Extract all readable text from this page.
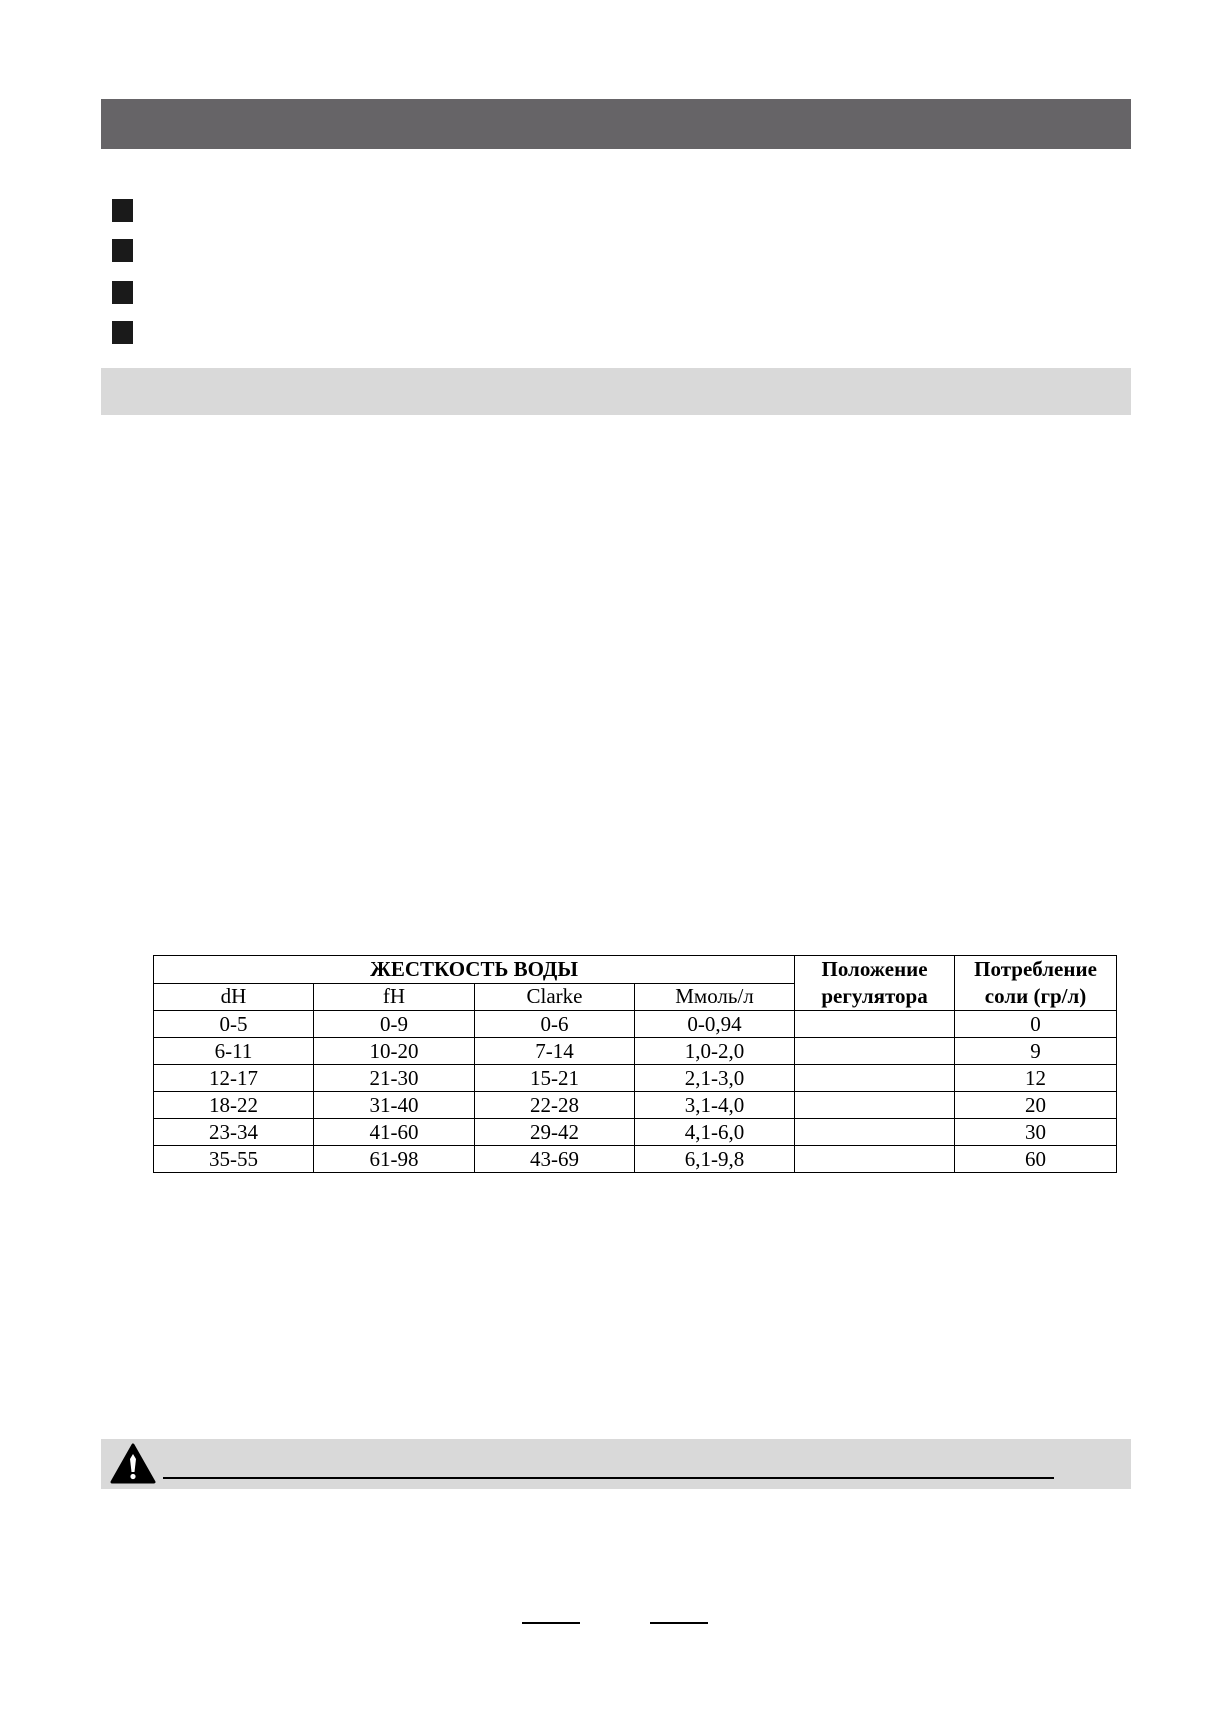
ЖЕСТКОСТЬ ВОДЫ				Положение регулятора	Потребление соли (гр/л)
dH	fH	Clarke	Ммоль/л		
0-5	0-9	0-6	0-0,94		0
6-11	10-20	7-14	1,0-2,0		9
12-17	21-30	15-21	2,1-3,0		12
18-22	31-40	22-28	3,1-4,0		20
23-34	41-60	29-42	4,1-6,0		30
35-55	61-98	43-69	6,1-9,8		60
